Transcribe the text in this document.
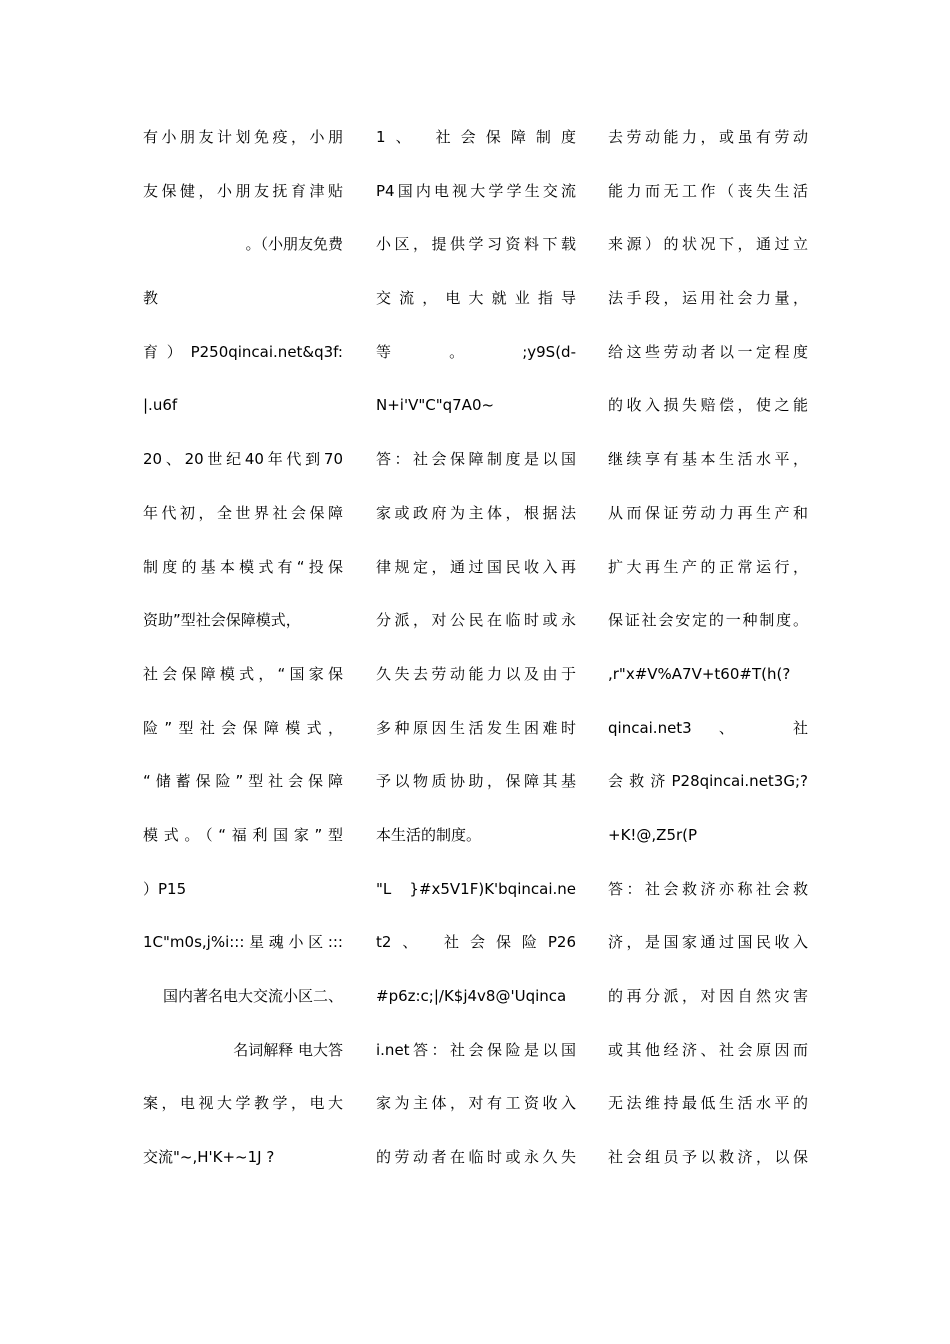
有小朋友计划免疫，小朋
友保健，小朋友抚育津贴
。（小朋友免费
教
育）P250qincai.net&q3f:
|.u6f
20、20世纪40年代到70
年代初，全世界社会保障
制度的基本模式有“投保
资助”型社会保障模式，
社会保障模式，“国家保
险”型社会保障模式，
“储蓄保险”型社会保障
模式。（“福利国家”型
）P15
1C"m0s,j%i:::星魂小区:::
国内著名电大交流小区二、
名词解释 电大答
案，电视大学教学，电大
交流"~,H'K+~1J ?
1、 社会保障制度
P4国内电视大学学生交流
小区，提供学习资料下载
交流，电大就业指导
等 。 ;y9S(d-
N+i'V"C"q7A0~
答：社会保障制度是以国
家或政府为主体，根据法
律规定，通过国民收入再
分派，对公民在临时或永
久失去劳动能力以及由于
多种原因生活发生困难时
予以物质协助，保障其基
本生活的制度。
"L }#x5V1F)K'bqincai.ne
t2、 社会保险P26
#p6z:c;|/K$j4v8@'Uqinca
i.net答：社会保险是以国
家为主体，对有工资收入
的劳动者在临时或永久失
去劳动能力，或虽有劳动
能力而无工作（丧失生活
来源）的状况下，通过立
法手段，运用社会力量，
给这些劳动者以一定程度
的收入损失赔偿，使之能
继续享有基本生活水平，
从而保证劳动力再生产和
扩大再生产的正常运行，
保证社会安定的一种制度。
,r"x#V%A7V+t60#T(h(?
qincai.net3、 社
会救济P28qincai.net3G;?
+K!@,Z5r(P
答：社会救济亦称社会救
济，是国家通过国民收入
的再分派，对因自然灾害
或其他经济、社会原因而
无法维持最低生活水平的
社会组员予以救济，以保
